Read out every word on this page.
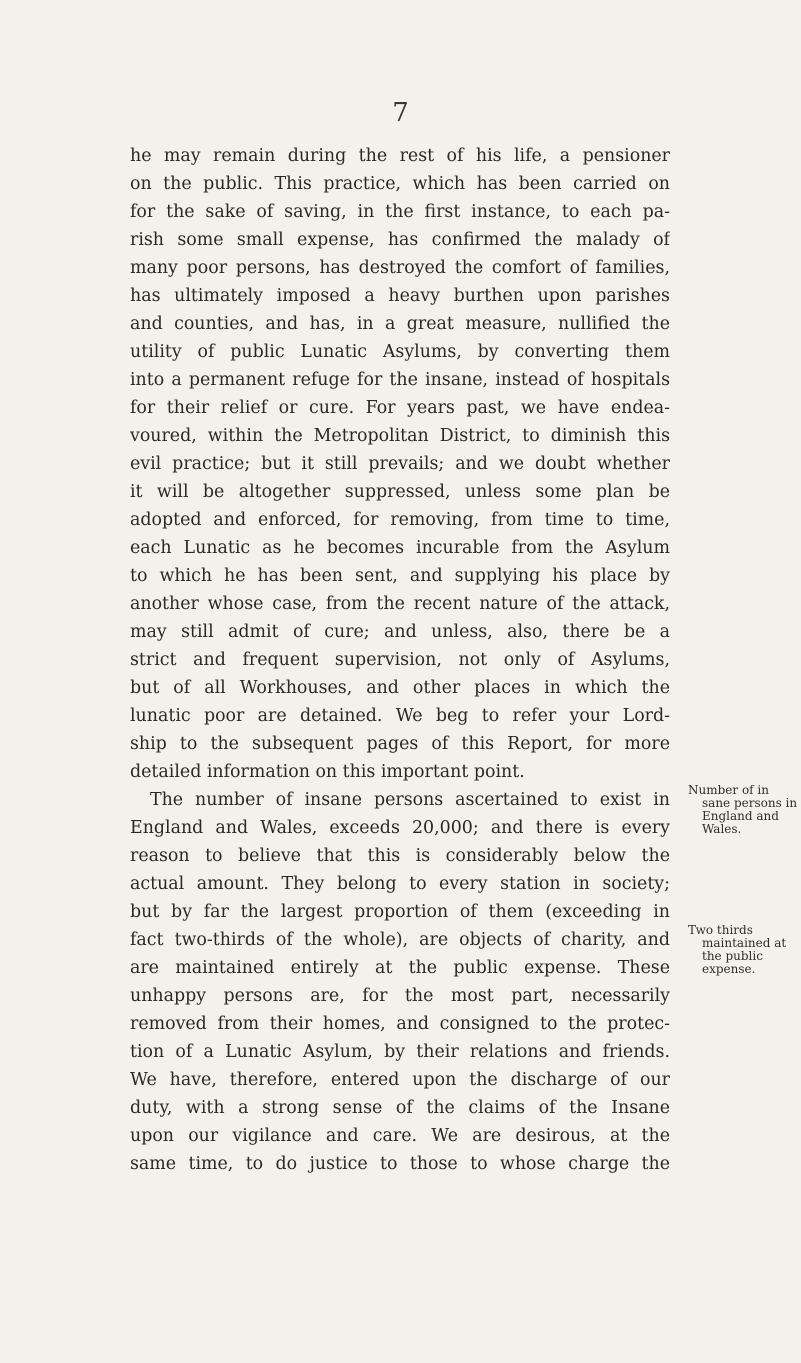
7
he may remain during the rest of his life, a pensioner
on the public. This practice, which has been carried on
for the sake of saving, in the first instance, to each pa-
rish some small expense, has confirmed the malady of
many poor persons, has destroyed the comfort of families,
has ultimately imposed a heavy burthen upon parishes
and counties, and has, in a great measure, nullified the
utility of public Lunatic Asylums, by converting them
into a permanent refuge for the insane, instead of hospitals
for their relief or cure. For years past, we have endea-
voured, within the Metropolitan District, to diminish this
evil practice; but it still prevails; and we doubt whether
it will be altogether suppressed, unless some plan be
adopted and enforced, for removing, from time to time,
each Lunatic as he becomes incurable from the Asylum
to which he has been sent, and supplying his place by
another whose case, from the recent nature of the attack,
may still admit of cure; and unless, also, there be a
strict and frequent supervision, not only of Asylums,
but of all Workhouses, and other places in which the
lunatic poor are detained. We beg to refer your Lord-
ship to the subsequent pages of this Report, for more
detailed information on this important point.
The number of insane persons ascertained to exist in
England and Wales, exceeds 20,000; and there is every
reason to believe that this is considerably below the
actual amount. They belong to every station in society;
but by far the largest proportion of them (exceeding in
fact two-thirds of the whole), are objects of charity, and
are maintained entirely at the public expense. These
unhappy persons are, for the most part, necessarily
removed from their homes, and consigned to the protec-
tion of a Lunatic Asylum, by their relations and friends.
We have, therefore, entered upon the discharge of our
duty, with a strong sense of the claims of the Insane
upon our vigilance and care. We are desirous, at the
same time, to do justice to those to whose charge the
Number of in
sane persons in
England and
Wales.
Two thirds
maintained at
the public
expense.
